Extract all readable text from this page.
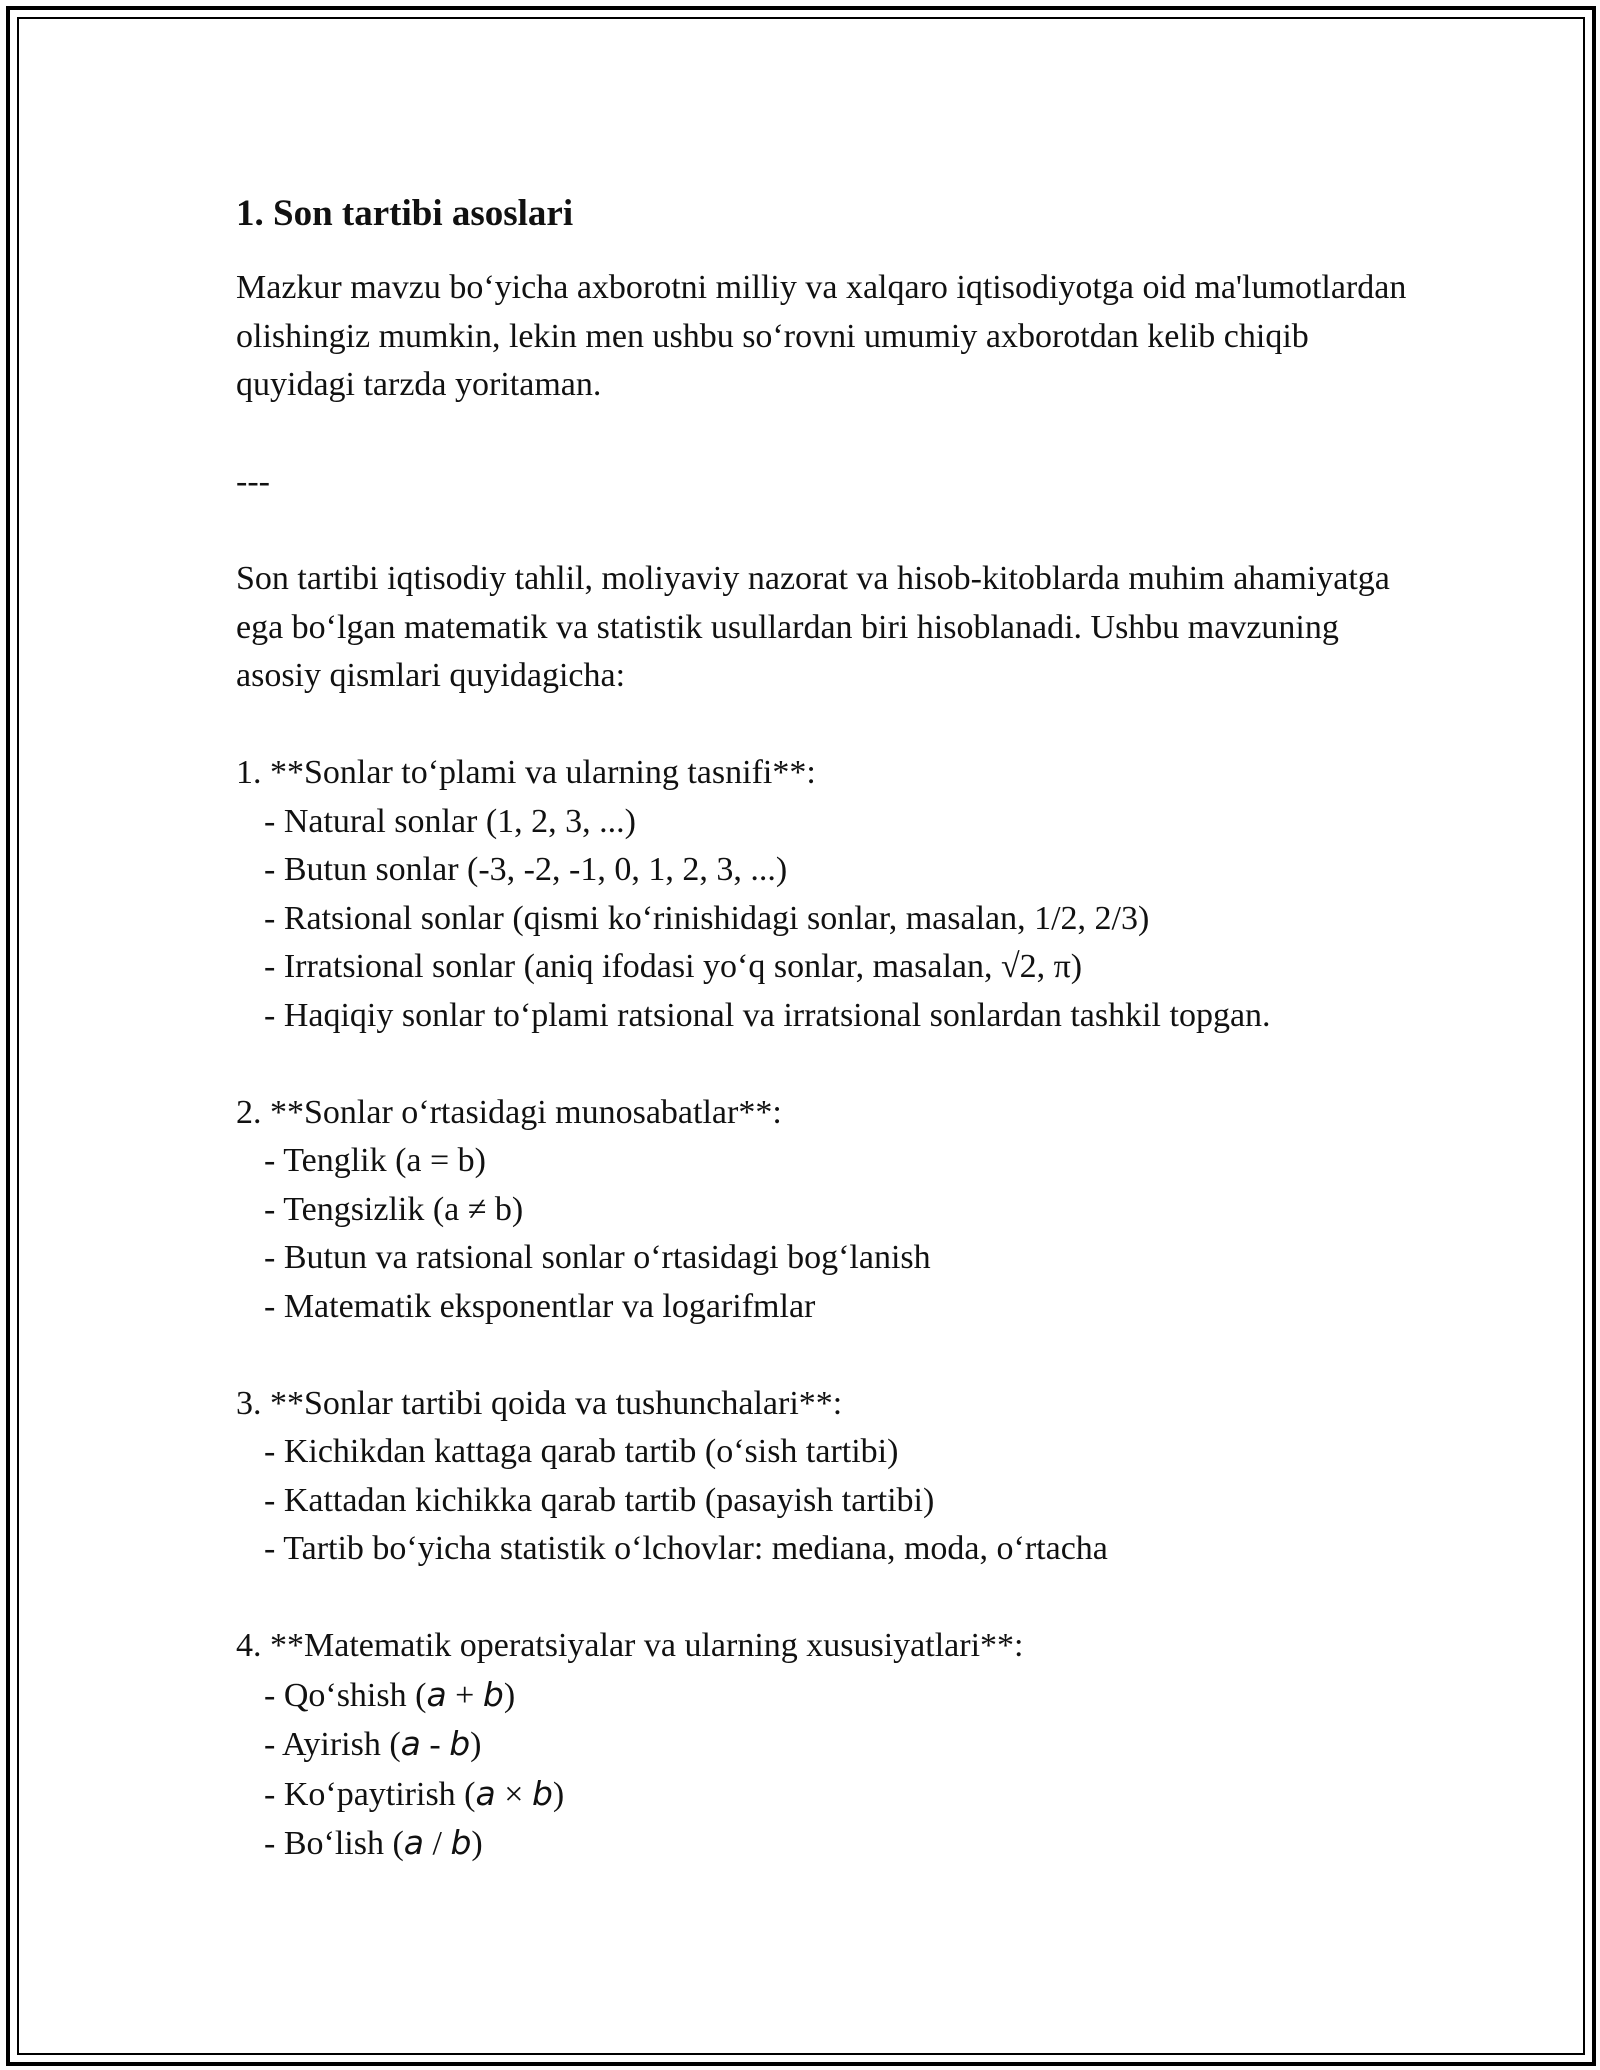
1. Son tartibi asoslari

Mazkur mavzu bo‘yicha axborotni milliy va xalqaro iqtisodiyotga oid ma'lumotlardan olishingiz mumkin, lekin men ushbu so‘rovni umumiy axborotdan kelib chiqib quyidagi tarzda yoritaman.

---

Son tartibi iqtisodiy tahlil, moliyaviy nazorat va hisob-kitoblarda muhim ahamiyatga ega bo‘lgan matematik va statistik usullardan biri hisoblanadi. Ushbu mavzuning asosiy qismlari quyidagicha:

1. **Sonlar to‘plami va ularning tasnifi**:
- Natural sonlar (1, 2, 3, ...)
- Butun sonlar (-3, -2, -1, 0, 1, 2, 3, ...)
- Ratsional sonlar (qismi ko‘rinishidagi sonlar, masalan, 1/2, 2/3)
- Irratsional sonlar (aniq ifodasi yo‘q sonlar, masalan, √2, π)
- Haqiqiy sonlar to‘plami ratsional va irratsional sonlardan tashkil topgan.
2. **Sonlar o‘rtasidagi munosabatlar**:
- Tenglik (a = b)
- Tengsizlik (a ≠ b)
- Butun va ratsional sonlar o‘rtasidagi bog‘lanish
- Matematik eksponentlar va logarifmlar
3. **Sonlar tartibi qoida va tushunchalari**:
- Kichikdan kattaga qarab tartib (o‘sish tartibi)
- Kattadan kichikka qarab tartib (pasayish tartibi)
- Tartib bo‘yicha statistik o‘lchovlar: mediana, moda, o‘rtacha
4. **Matematik operatsiyalar va ularning xususiyatlari**:
- Qo‘shish (a + b)
- Ayirish (a - b)
- Ko‘paytirish (a × b)
- Bo‘lish (a / b)
